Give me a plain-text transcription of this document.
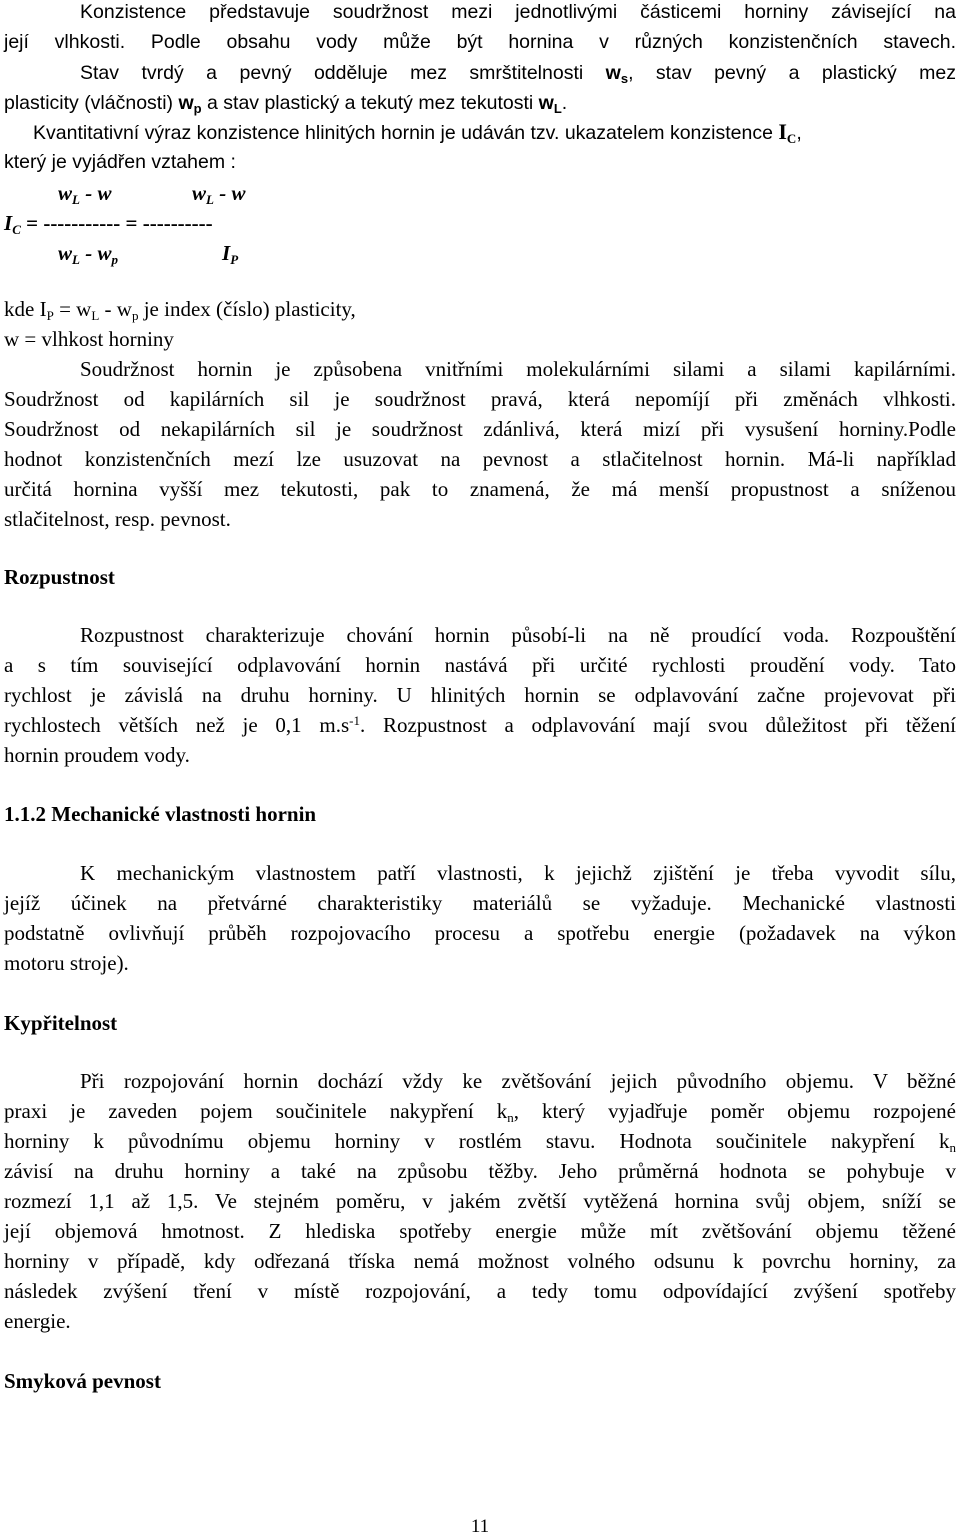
Konzistence představuje soudržnost mezi jednotlivými částicemi horniny závisející na
její vlhkosti. Podle obsahu vody může být hornina v různých konzistenčních stavech.
Stav tvrdý a pevný odděluje mez smrštitelnosti $w_s$, stav pevný a plastický mez
plasticity (vláčnosti) $w_p$ a stav plastický a tekutý mez tekutosti $w_L$.
Kvantitativní výraz konzistence hlinitých hornin je udáván tzv. ukazatelem konzistence $I_C$,
který je vyjádřen vztahem :
$w_L$ - w	$w_L$ - w
$I_C$ = ----------- = ----------
$w_L - w_p$	$I_P$
kde $I_P = w_L - w_p$ je index (číslo) plasticity,
w = vlhkost horniny
Soudržnost hornin je způsobena vnitřními molekulárními silami a silami kapilárními.
Soudržnost od kapilárních sil je soudržnost pravá, která nepomíjí při změnách vlhkosti.
Soudržnost od nekapilárních sil je soudržnost zdánlivá, která mizí při vysušení horniny.Podle
hodnot konzistenčních mezí lze usuzovat na pevnost a stlačitelnost hornin. Má-li například
určitá hornina vyšší mez tekutosti, pak to znamená, že má menší propustnost a sníženou
stlačitelnost, resp. pevnost.
Rozpustnost
Rozpustnost charakterizuje chování hornin působí-li na ně proudící voda. Rozpouštění
a s tím související odplavování hornin nastává při určité rychlosti proudění vody. Tato
rychlost je závislá na druhu horniny. U hlinitých hornin se odplavování začne projevovat při
rychlostech větších než je 0,1 $m.s^{-1}$. Rozpustnost a odplavování mají svou důležitost při těžení
hornin proudem vody.
1.1.2 Mechanické vlastnosti hornin
K mechanickým vlastnostem patří vlastnosti, k jejichž zjištění je třeba vyvodit sílu,
jejíž účinek na přetvárné charakteristiky materiálů se vyžaduje. Mechanické vlastnosti
podstatně ovlivňují průběh rozpojovacího procesu a spotřebu energie (požadavek na výkon
motoru stroje).
Kypřitelnost
Při rozpojování hornin dochází vždy ke zvětšování jejich původního objemu. V běžné
praxi je zaveden pojem součinitele nakypření $k_n$, který vyjadřuje poměr objemu rozpojené
horniny k původnímu objemu horniny v rostlém stavu. Hodnota součinitele nakypření $k_n$
závisí na druhu horniny a také na způsobu těžby. Jeho průměrná hodnota se pohybuje v
rozmezí 1,1 až 1,5. Ve stejném poměru, v jakém zvětší vytěžená hornina svůj objem, sníží se
její objemová hmotnost. Z hlediska spotřeby energie může mít zvětšování objemu těžené
horniny v případě, kdy odřezaná tříska nemá možnost volného odsunu k povrchu horniny, za
následek zvýšení tření v místě rozpojování, a tedy tomu odpovídající zvýšení spotřeby
energie.
Smyková pevnost
11
